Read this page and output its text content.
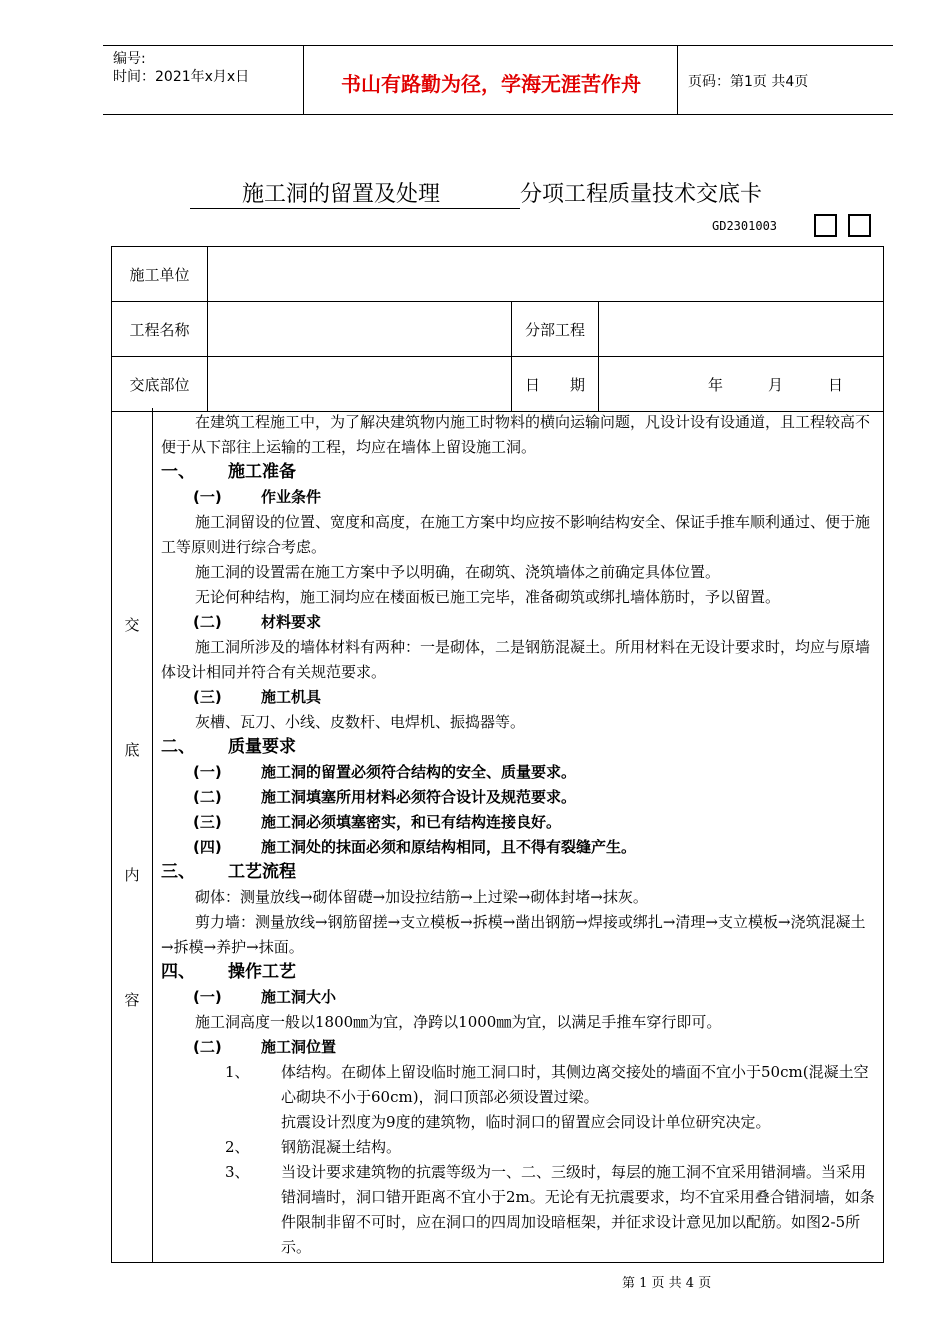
编号:
时间：2021年x月x日	书山有路勤为径，学海无涯苦作舟	页码：第1页 共4页
施工洞的留置及处理	分项工程质量技术交底卡
GD2301003
施工单位			
工程名称		分部工程	
交底部位		日　　期	年　　　月　　　日
交
底
内
容

在建筑工程施工中，为了解决建筑物内施工时物料的横向运输问题，凡设计设有设通道，且工程较高不便于从下部往上运输的工程，均应在墙体上留设施工洞。

一、 施工准备

(一)	作业条件

施工洞留设的位置、宽度和高度，在施工方案中均应按不影响结构安全、保证手推车顺利通过、便于施工等原则进行综合考虑。

施工洞的设置需在施工方案中予以明确，在砌筑、浇筑墙体之前确定具体位置。

无论何种结构，施工洞均应在楼面板已施工完毕，准备砌筑或绑扎墙体筋时，予以留置。

(二)	材料要求

施工洞所涉及的墙体材料有两种：一是砌体，二是钢筋混凝土。所用材料在无设计要求时，均应与原墙体设计相同并符合有关规范要求。

(三)	施工机具

灰槽、瓦刀、小线、皮数杆、电焊机、振捣器等。

二、 质量要求

(一)	施工洞的留置必须符合结构的安全、质量要求。

(二)	施工洞填塞所用材料必须符合设计及规范要求。

(三)	施工洞必须填塞密实，和已有结构连接良好。

(四)	施工洞处的抹面必须和原结构相同，且不得有裂缝产生。

三、 工艺流程

砌体：测量放线→砌体留礎→加设拉结筋→上过梁→砌体封堵→抹灰。

剪力墙：测量放线→钢筋留搓→支立模板→拆模→凿出钢筋→焊接或绑扎→清理→支立模板→浇筑混凝土→拆模→养护→抹面。

四、 操作工艺

(一)	施工洞大小

施工洞高度一般以1800㎜为宜，净跨以1000㎜为宜，以满足手推车穿行即可。

(二)	施工洞位置

1、 体结构。在砌体上留设临时施工洞口时，其侧边离交接处的墙面不宜小于50cm(混凝土空心砌块不小于60cm)，洞口顶部必须设置过梁。

抗震设计烈度为9度的建筑物，临时洞口的留置应会同设计单位研究决定。

2、 钢筋混凝土结构。

3、 当设计要求建筑物的抗震等级为一、二、三级时，每层的施工洞不宜采用错洞墙。当采用错洞墙时，洞口错开距离不宜小于2m。无论有无抗震要求，均不宜采用叠合错洞墙，如条件限制非留不可时，应在洞口的四周加设暗框架，并征求设计意见加以配筋。如图2-5所示。

第 1 页 共 4 页
